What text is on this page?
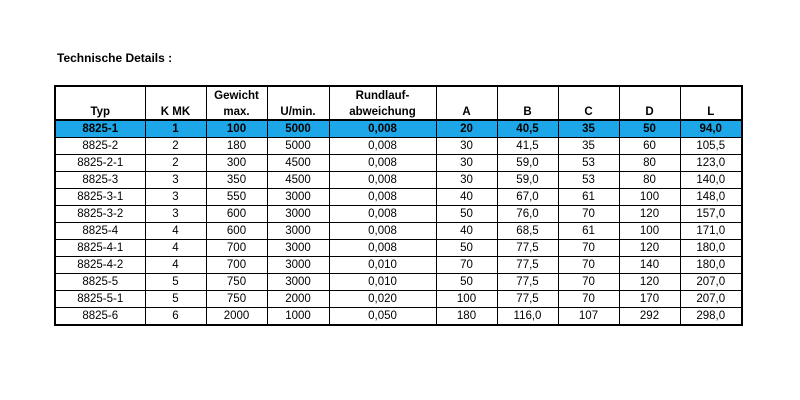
Technische Details :
		Gewicht		Rundlauf-					
Typ	K MK	max.	U/min.	abweichung	A	B	C	D	L
8825-1	1	100	5000	0,008	20	40,5	35	50	94,0
8825-2	2	180	5000	0,008	30	41,5	35	60	105,5
8825-2-1	2	300	4500	0,008	30	59,0	53	80	123,0
8825-3	3	350	4500	0,008	30	59,0	53	80	140,0
8825-3-1	3	550	3000	0,008	40	67,0	61	100	148,0
8825-3-2	3	600	3000	0,008	50	76,0	70	120	157,0
8825-4	4	600	3000	0,008	40	68,5	61	100	171,0
8825-4-1	4	700	3000	0,008	50	77,5	70	120	180,0
8825-4-2	4	700	3000	0,010	70	77,5	70	140	180,0
8825-5	5	750	3000	0,010	50	77,5	70	120	207,0
8825-5-1	5	750	2000	0,020	100	77,5	70	170	207,0
8825-6	6	2000	1000	0,050	180	116,0	107	292	298,0
